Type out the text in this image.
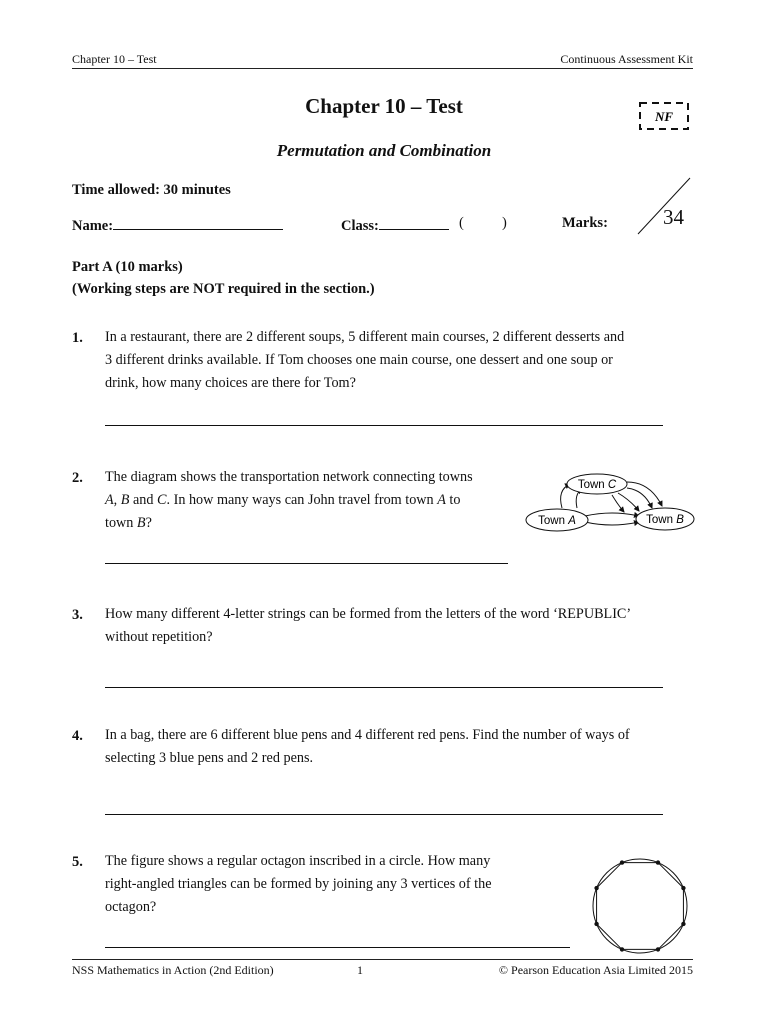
Chapter 10 – Test	Continuous Assessment Kit
Chapter 10 – Test	NF
Permutation and Combination
Time allowed: 30 minutes
Name:	Class:	(	)	Marks:	34
Part A (10 marks)
(Working steps are NOT required in the section.)
1. In a restaurant, there are 2 different soups, 5 different main courses, 2 different desserts and
3 different drinks available. If Tom chooses one main course, one dessert and one soup or
drink, how many choices are there for Tom?
2. The diagram shows the transportation network connecting towns
A, B and C. In how many ways can John travel from town A to
town B?
Town C
Town A	Town B
3. How many different 4-letter strings can be formed from the letters of the word ‘REPUBLIC’
without repetition?
4. In a bag, there are 6 different blue pens and 4 different red pens. Find the number of ways of
selecting 3 blue pens and 2 red pens.
5. The figure shows a regular octagon inscribed in a circle. How many
right-angled triangles can be formed by joining any 3 vertices of the
octagon?
NSS Mathematics in Action (2nd Edition)	1	© Pearson Education Asia Limited 2015
